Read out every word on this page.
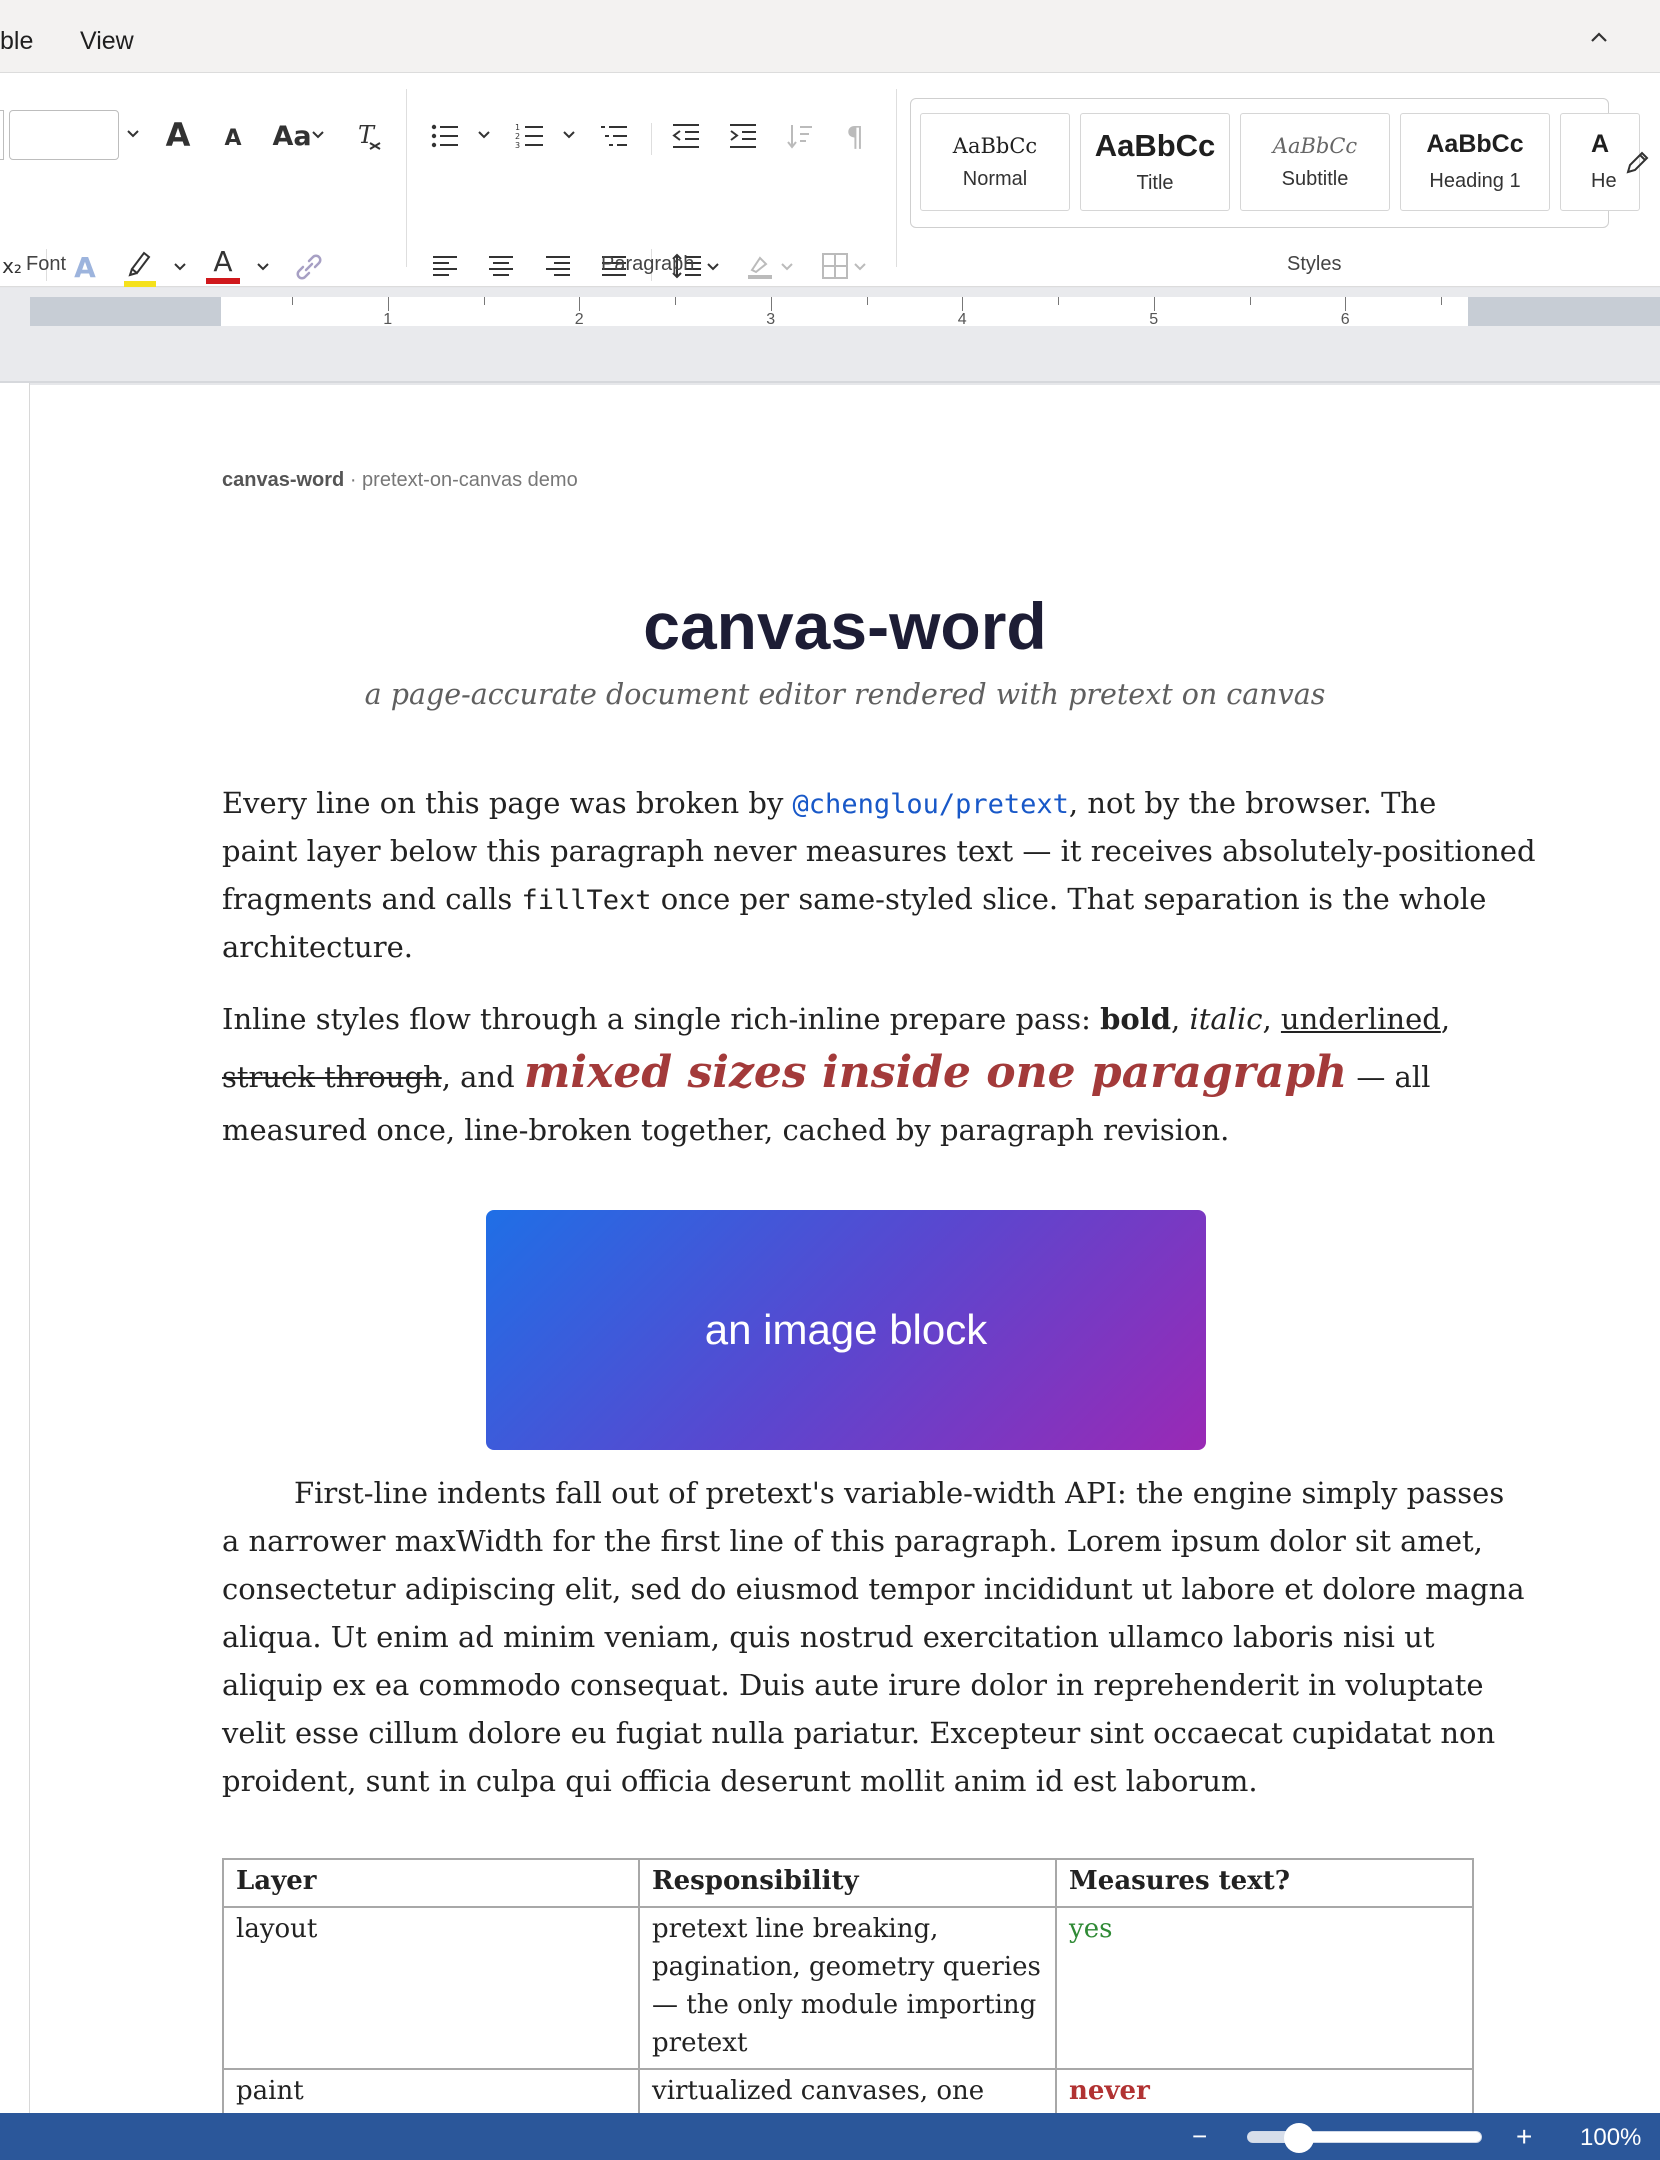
ble View
A A Aa T
x₂ A	A
Font
1
2
3	¶
Paragraph
AaBbCc
Normal
AaBbCc
Title
AaBbCc
Subtitle
AaBbCc
Heading 1
A
He
Styles
1	2	3	4	5	6
canvas-word · pretext-on-canvas demo
canvas-word
a page-accurate document editor rendered with pretext on canvas
Every line on this page was broken by @chenglou/pretext, not by the browser. The
paint layer below this paragraph never measures text — it receives absolutely-positioned
fragments and calls fillText once per same-styled slice. That separation is the whole
architecture.
Inline styles flow through a single rich-inline prepare pass: bold, italic, underlined,
struck through, and mixed sizes inside one paragraph — all
measured once, line-broken together, cached by paragraph revision.
an image block
First-line indents fall out of pretext's variable-width API: the engine simply passes
a narrower maxWidth for the first line of this paragraph. Lorem ipsum dolor sit amet,
consectetur adipiscing elit, sed do eiusmod tempor incididunt ut labore et dolore magna
aliqua. Ut enim ad minim veniam, quis nostrud exercitation ullamco laboris nisi ut
aliquip ex ea commodo consequat. Duis aute irure dolor in reprehenderit in voluptate
velit esse cillum dolore eu fugiat nulla pariatur. Excepteur sint occaecat cupidatat non
proident, sunt in culpa qui officia deserunt mollit anim id est laborum.
Layer	Responsibility	Measures text?
layout	pretext line breaking, pagination, geometry queries — the only module importing pretext	yes
paint	virtualized canvases, one	never
−	+ 100%
